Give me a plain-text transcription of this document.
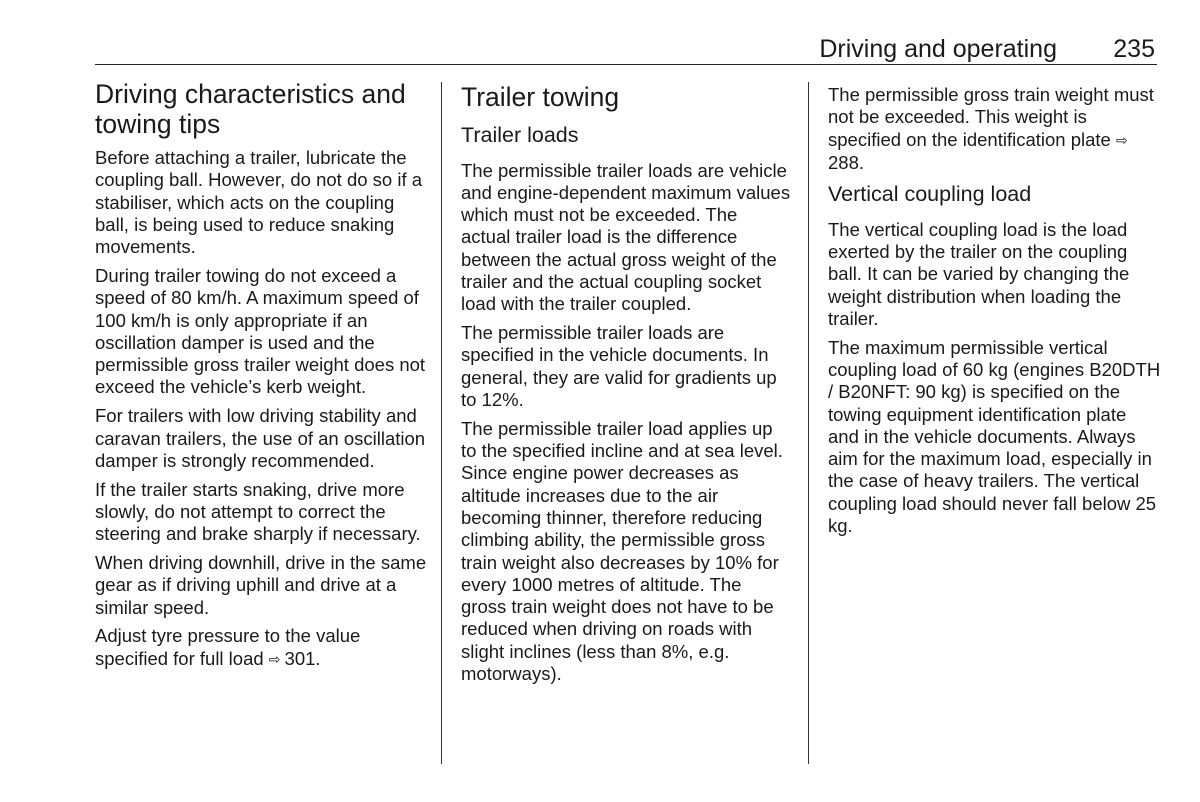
Driving and operating 235
Driving characteristics and towing tips

Before attaching a trailer, lubricate the coupling ball. However, do not do so if a stabiliser, which acts on the coupling ball, is being used to reduce snaking movements.

During trailer towing do not exceed a speed of 80 km/h. A maximum speed of 100 km/h is only appropriate if an oscillation damper is used and the permissible gross trailer weight does not exceed the vehicle’s kerb weight.

For trailers with low driving stability and caravan trailers, the use of an oscillation damper is strongly recommended.

If the trailer starts snaking, drive more slowly, do not attempt to correct the steering and brake sharply if necessary.

When driving downhill, drive in the same gear as if driving uphill and drive at a similar speed.

Adjust tyre pressure to the value specified for full load ⇨ 301.

Trailer towing
Trailer loads

The permissible trailer loads are vehicle and engine-dependent maximum values which must not be exceeded. The actual trailer load is the difference between the actual gross weight of the trailer and the actual coupling socket load with the trailer coupled.

The permissible trailer loads are specified in the vehicle documents. In general, they are valid for gradients up to 12%.

The permissible trailer load applies up to the specified incline and at sea level. Since engine power decreases as altitude increases due to the air becoming thinner, therefore reducing climbing ability, the permissible gross train weight also decreases by 10% for every 1000 metres of altitude. The gross train weight does not have to be reduced when driving on roads with slight inclines (less than 8%, e.g. motorways).

The permissible gross train weight must not be exceeded. This weight is specified on the identification plate ⇨288.

Vertical coupling load

The vertical coupling load is the load exerted by the trailer on the coupling ball. It can be varied by changing the weight distribution when loading the trailer.

The maximum permissible vertical coupling load of 60 kg (engines B20DTH / B20NFT: 90 kg) is specified on the towing equipment identification plate and in the vehicle documents. Always aim for the maximum load, especially in the case of heavy trailers. The vertical coupling load should never fall below 25 kg.
